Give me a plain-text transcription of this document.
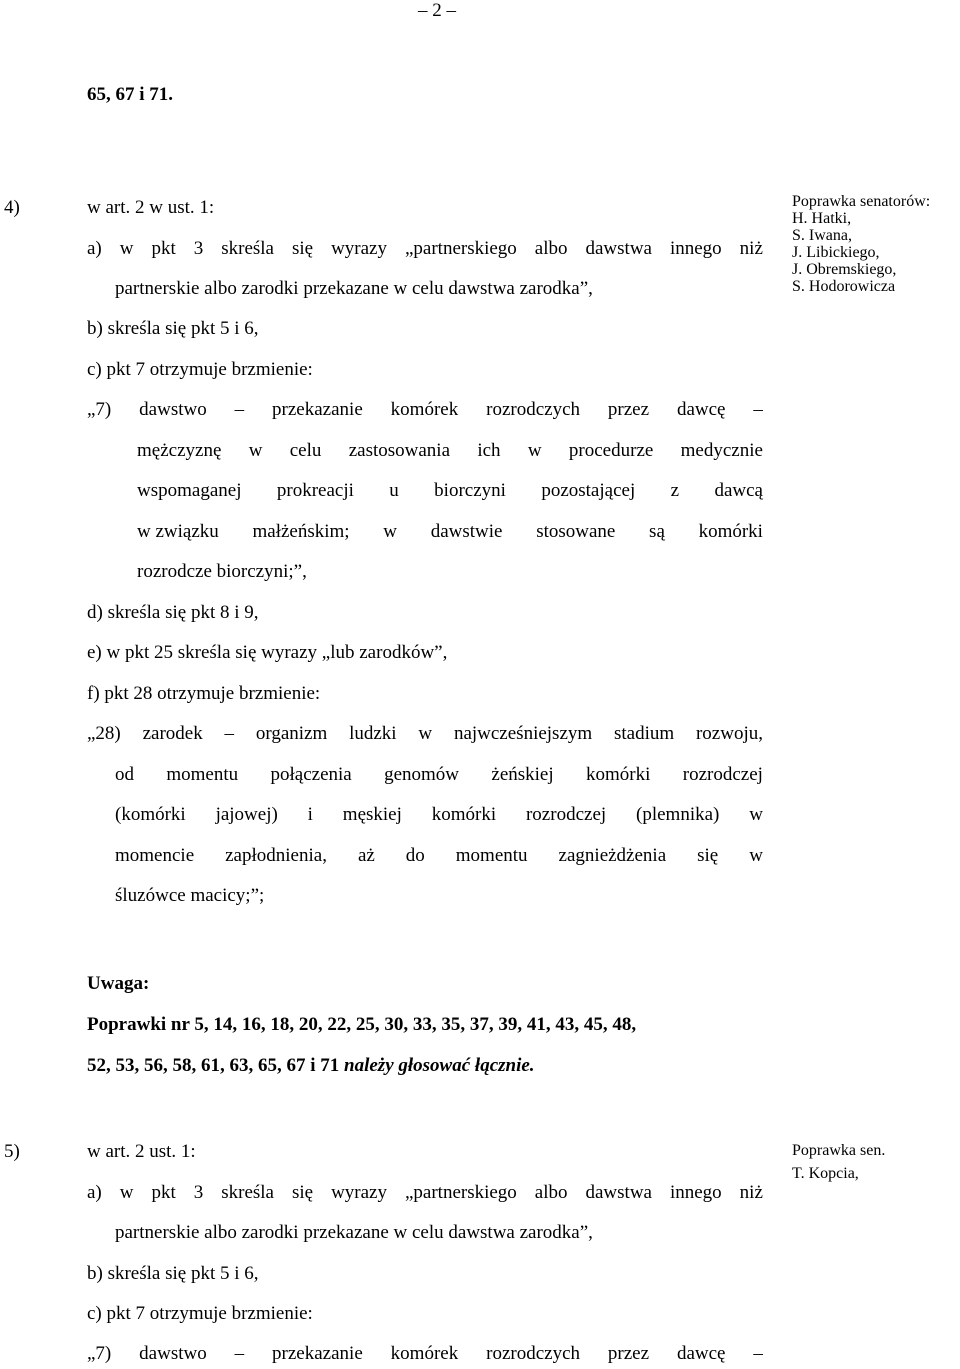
– 2 –
65, 67 i 71.
4)	w art. 2 w ust. 1:	Poprawka senatorów:
H. Hatki,
S. Iwana,
J. Libickiego,
J. Obremskiego,
S. Hodorowicza
a) w pkt 3 skreśla się wyrazy „partnerskiego albo dawstwa innego niż
partnerskie albo zarodki przekazane w celu dawstwa zarodka”,
b) skreśla się pkt 5 i 6,
c) pkt 7 otrzymuje brzmienie:
„7) dawstwo – przekazanie komórek rozrodczych przez dawcę –
mężczyznę w celu zastosowania ich w procedurze medycznie
wspomaganej prokreacji u biorczyni pozostającej z dawcą
w związku małżeńskim; w dawstwie stosowane są komórki
rozrodcze biorczyni;”,
d) skreśla się pkt 8 i 9,
e) w pkt 25 skreśla się wyrazy „lub zarodków”,
f) pkt 28 otrzymuje brzmienie:
„28) zarodek – organizm ludzki w najwcześniejszym stadium rozwoju,
od momentu połączenia genomów żeńskiej komórki rozrodczej
(komórki jajowej) i męskiej komórki rozrodczej (plemnika) w
momencie zapłodnienia, aż do momentu zagnieżdżenia się w
śluzówce macicy;”;
Uwaga:
Poprawki nr 5, 14, 16, 18, 20, 22, 25, 30, 33, 35, 37, 39, 41, 43, 45, 48,
52, 53, 56, 58, 61, 63, 65, 67 i 71 należy głosować łącznie.
5)	w art. 2 ust. 1:	Poprawka sen.
T. Kopcia,
a) w pkt 3 skreśla się wyrazy „partnerskiego albo dawstwa innego niż
partnerskie albo zarodki przekazane w celu dawstwa zarodka”,
b) skreśla się pkt 5 i 6,
c) pkt 7 otrzymuje brzmienie:
„7) dawstwo – przekazanie komórek rozrodczych przez dawcę –
